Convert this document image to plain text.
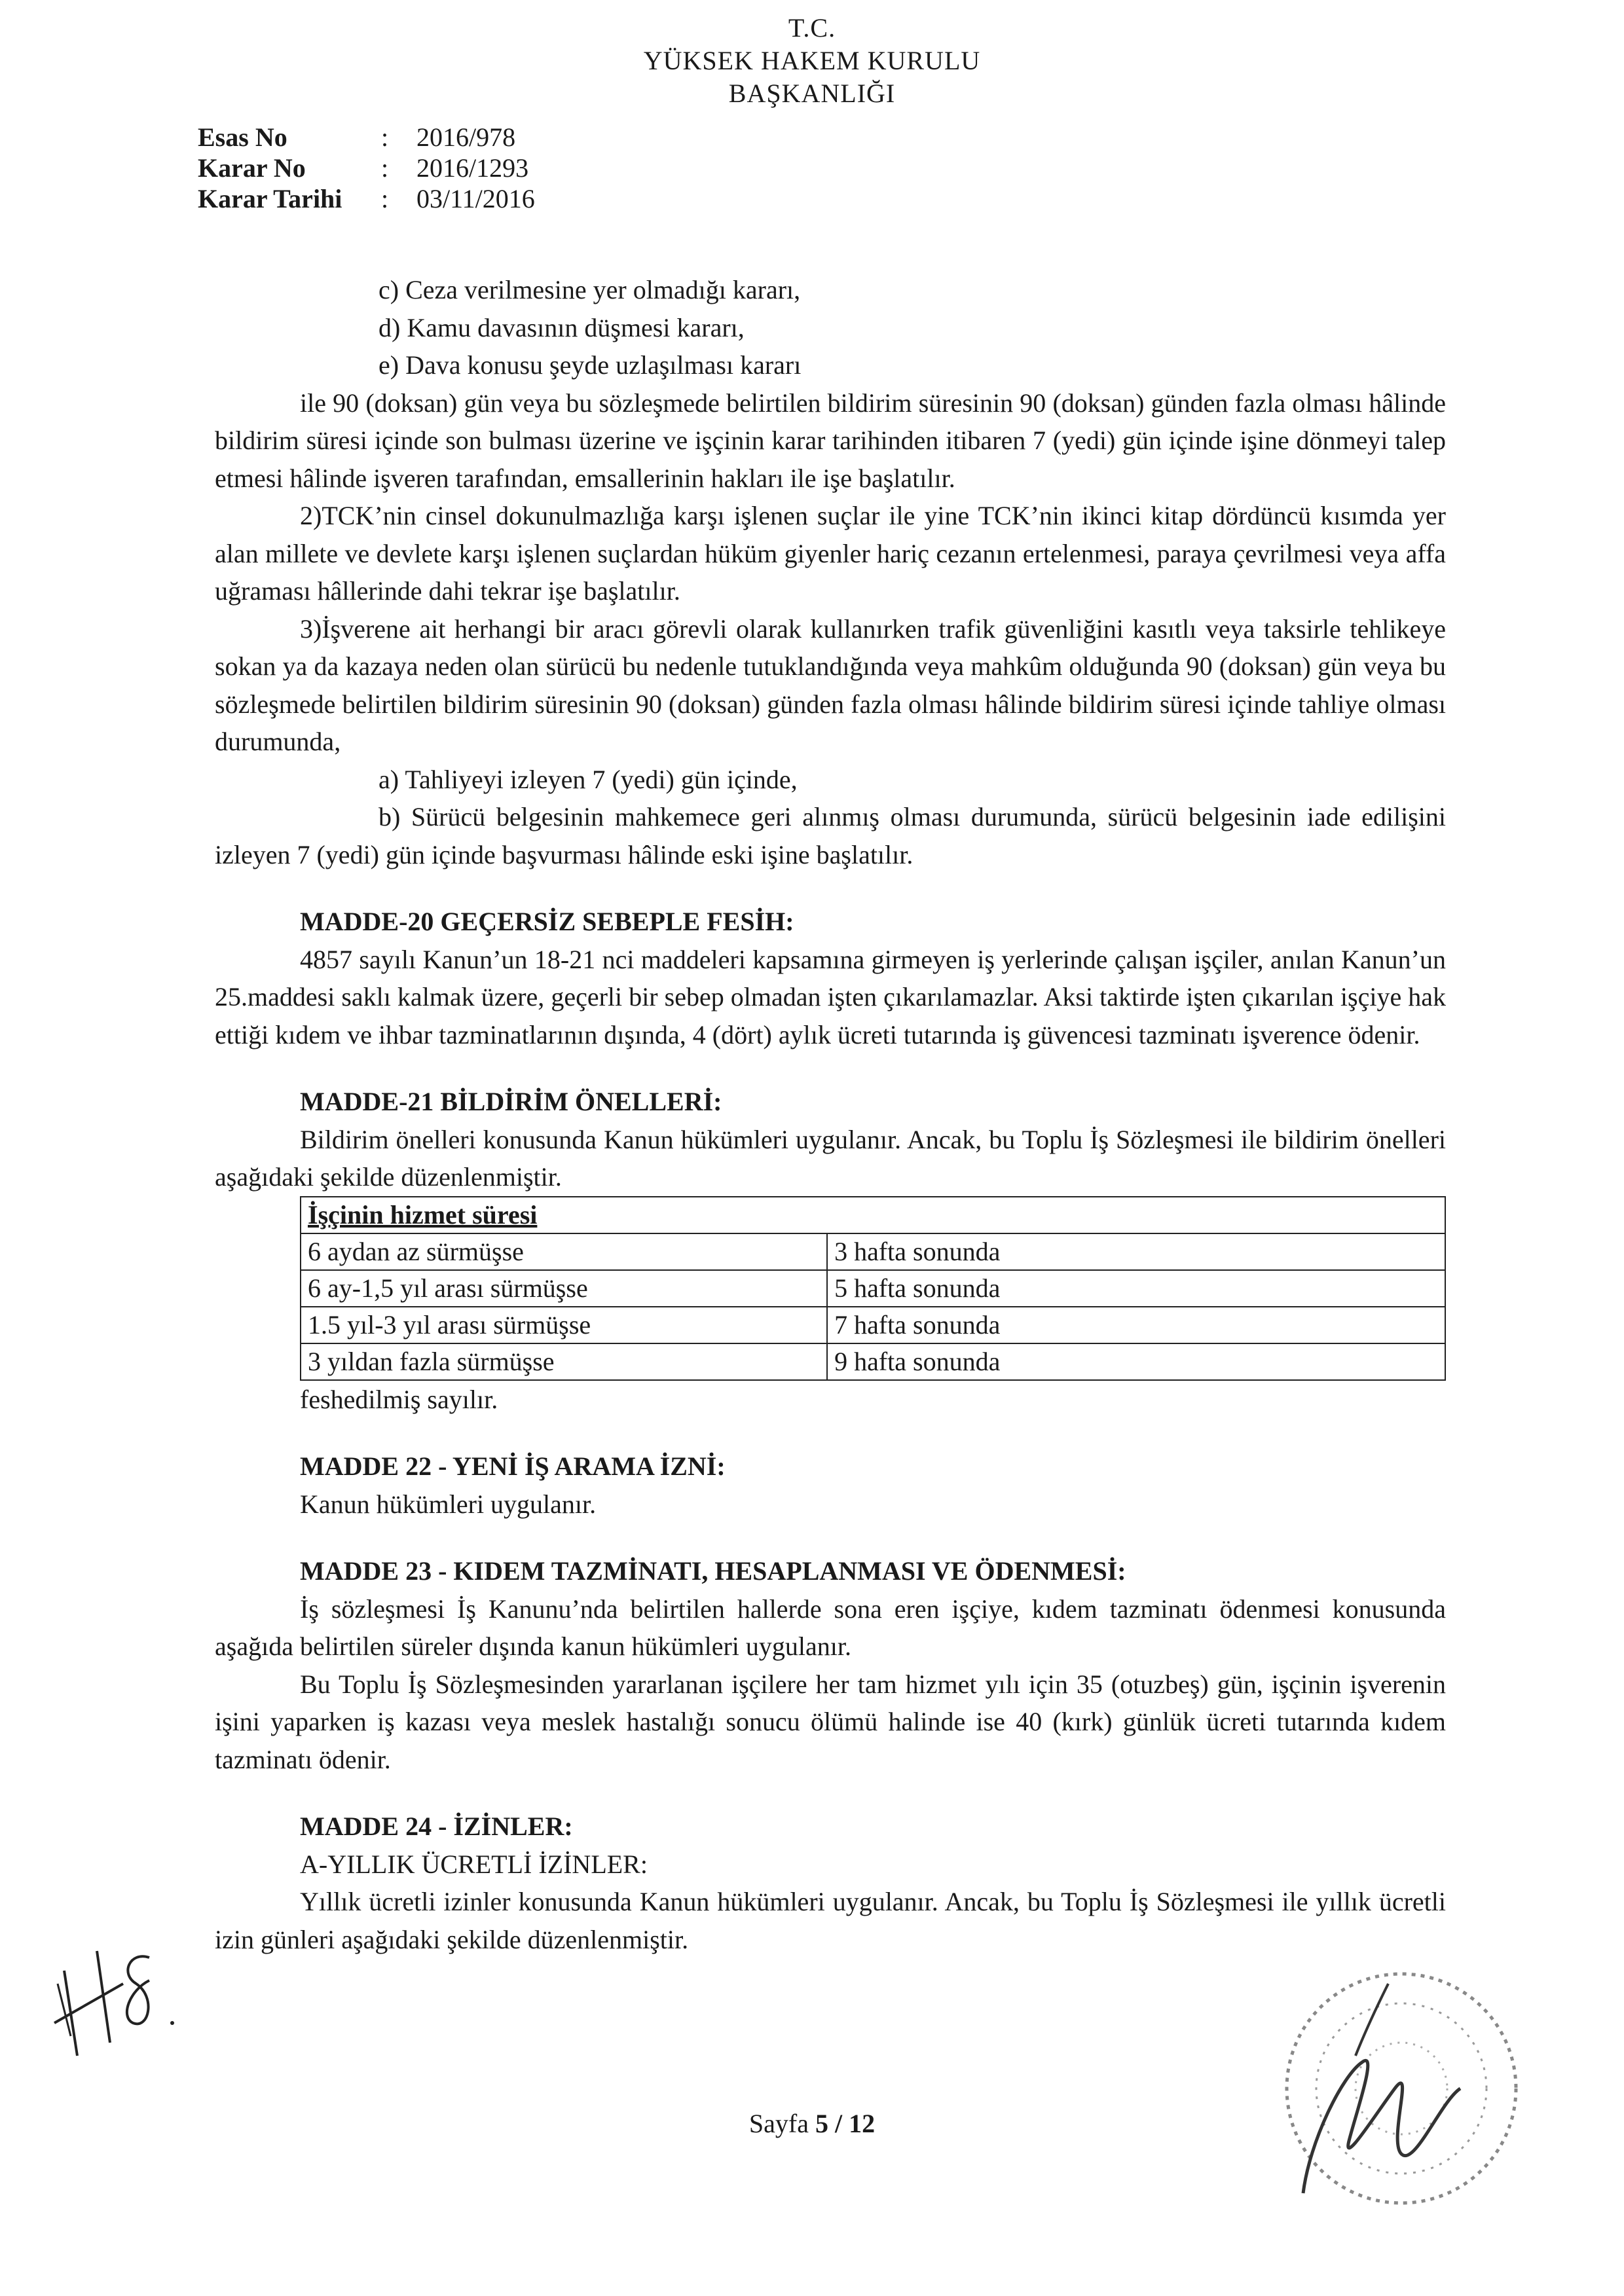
T.C.
YÜKSEK HAKEM KURULU
BAŞKANLIĞI
Esas No	:	2016/978
Karar No	:	2016/1293
Karar Tarihi	:	03/11/2016

c) Ceza verilmesine yer olmadığı kararı,

d) Kamu davasının düşmesi kararı,

e) Dava konusu şeyde uzlaşılması kararı

ile 90 (doksan) gün veya bu sözleşmede belirtilen bildirim süresinin 90 (doksan) günden fazla olması hâlinde bildirim süresi içinde son bulması üzerine ve işçinin karar tarihinden itibaren 7 (yedi) gün içinde işine dönmeyi talep etmesi hâlinde işveren tarafından, emsallerinin hakları ile işe başlatılır.

2)TCK’nin cinsel dokunulmazlığa karşı işlenen suçlar ile yine TCK’nin ikinci kitap dördüncü kısımda yer alan millete ve devlete karşı işlenen suçlardan hüküm giyenler hariç cezanın ertelenmesi, paraya çevrilmesi veya affa uğraması hâllerinde dahi tekrar işe başlatılır.

3)İşverene ait herhangi bir aracı görevli olarak kullanırken trafik güvenliğini kasıtlı veya taksirle tehlikeye sokan ya da kazaya neden olan sürücü bu nedenle tutuklandığında veya mahkûm olduğunda 90 (doksan) gün veya bu sözleşmede belirtilen bildirim süresinin 90 (doksan) günden fazla olması hâlinde bildirim süresi içinde tahliye olması durumunda,

a) Tahliyeyi izleyen 7 (yedi) gün içinde,

b) Sürücü belgesinin mahkemece geri alınmış olması durumunda, sürücü belgesinin iade edilişini izleyen 7 (yedi) gün içinde başvurması hâlinde eski işine başlatılır.

MADDE-20 GEÇERSİZ SEBEPLE FESİH:

4857 sayılı Kanun’un 18-21 nci maddeleri kapsamına girmeyen iş yerlerinde çalışan işçiler, anılan Kanun’un 25.maddesi saklı kalmak üzere, geçerli bir sebep olmadan işten çıkarılamazlar. Aksi taktirde işten çıkarılan işçiye hak ettiği kıdem ve ihbar tazminatlarının dışında, 4 (dört) aylık ücreti tutarında iş güvencesi tazminatı işverence ödenir.

MADDE-21 BİLDİRİM ÖNELLERİ:

Bildirim önelleri konusunda Kanun hükümleri uygulanır. Ancak, bu Toplu İş Sözleşmesi ile bildirim önelleri aşağıdaki şekilde düzenlenmiştir.

İşçinin hizmet süresi	
6 aydan az sürmüşse	3 hafta sonunda
6 ay-1,5 yıl arası sürmüşse	5 hafta sonunda
1.5 yıl-3 yıl arası sürmüşse	7 hafta sonunda
3 yıldan fazla sürmüşse	9 hafta sonunda

feshedilmiş sayılır.

MADDE 22 - YENİ İŞ ARAMA İZNİ:

Kanun hükümleri uygulanır.

MADDE 23 - KIDEM TAZMİNATI, HESAPLANMASI VE ÖDENMESİ:

İş sözleşmesi İş Kanunu’nda belirtilen hallerde sona eren işçiye, kıdem tazminatı ödenmesi konusunda aşağıda belirtilen süreler dışında kanun hükümleri uygulanır.

Bu Toplu İş Sözleşmesinden yararlanan işçilere her tam hizmet yılı için 35 (otuzbeş) gün, işçinin işverenin işini yaparken iş kazası veya meslek hastalığı sonucu ölümü halinde ise 40 (kırk) günlük ücreti tutarında kıdem tazminatı ödenir.

MADDE 24 - İZİNLER:

A-YILLIK ÜCRETLİ İZİNLER:

Yıllık ücretli izinler konusunda Kanun hükümleri uygulanır. Ancak, bu Toplu İş Sözleşmesi ile yıllık ücretli izin günleri aşağıdaki şekilde düzenlenmiştir.

Sayfa 5 / 12
